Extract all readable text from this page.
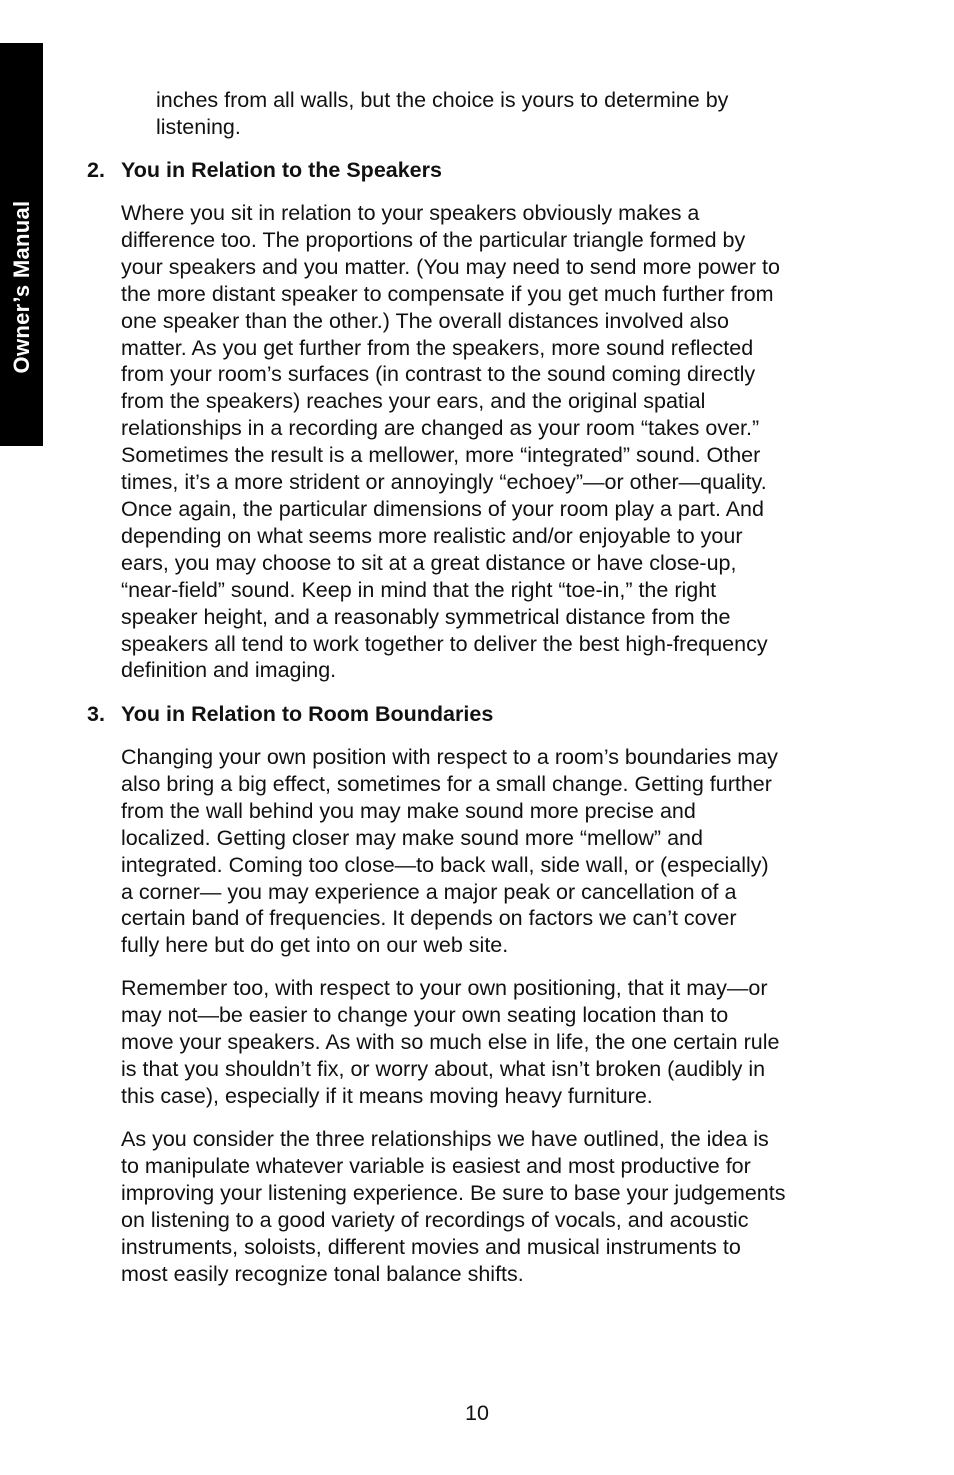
Owner’s Manual

inches from all walls, but the choice is yours to determine by

listening.

2. You in Relation to the Speakers

Where you sit in relation to your speakers obviously makes a

difference too. The proportions of the particular triangle formed by

your speakers and you matter. (You may need to send more power to

the more distant speaker to compensate if you get much further from

one speaker than the other.) The overall distances involved also

matter. As you get further from the speakers, more sound reflected

from your room’s surfaces (in contrast to the sound coming directly

from the speakers) reaches your ears, and the original spatial

relationships in a recording are changed as your room “takes over.”

Sometimes the result is a mellower, more “integrated” sound. Other

times, it’s a more strident or annoyingly “echoey”—or other—quality.

Once again, the particular dimensions of your room play a part. And

depending on what seems more realistic and/or enjoyable to your

ears, you may choose to sit at a great distance or have close-up,

“near-field” sound. Keep in mind that the right “toe-in,” the right

speaker height, and a reasonably symmetrical distance from the

speakers all tend to work together to deliver the best high-frequency

definition and imaging.

3. You in Relation to Room Boundaries

Changing your own position with respect to a room’s boundaries may

also bring a big effect, sometimes for a small change. Getting further

from the wall behind you may make sound more precise and

localized. Getting closer may make sound more “mellow” and

integrated. Coming too close—to back wall, side wall, or (especially)

a corner— you may experience a major peak or cancellation of a

certain band of frequencies. It depends on factors we can’t cover

fully here but do get into on our web site.

Remember too, with respect to your own positioning, that it may—or

may not—be easier to change your own seating location than to

move your speakers. As with so much else in life, the one certain rule

is that you shouldn’t fix, or worry about, what isn’t broken (audibly in

this case), especially if it means moving heavy furniture.

As you consider the three relationships we have outlined, the idea is

to manipulate whatever variable is easiest and most productive for

improving your listening experience. Be sure to base your judgements

on listening to a good variety of recordings of vocals, and acoustic

instruments, soloists, different movies and musical instruments to

most easily recognize tonal balance shifts.

10
